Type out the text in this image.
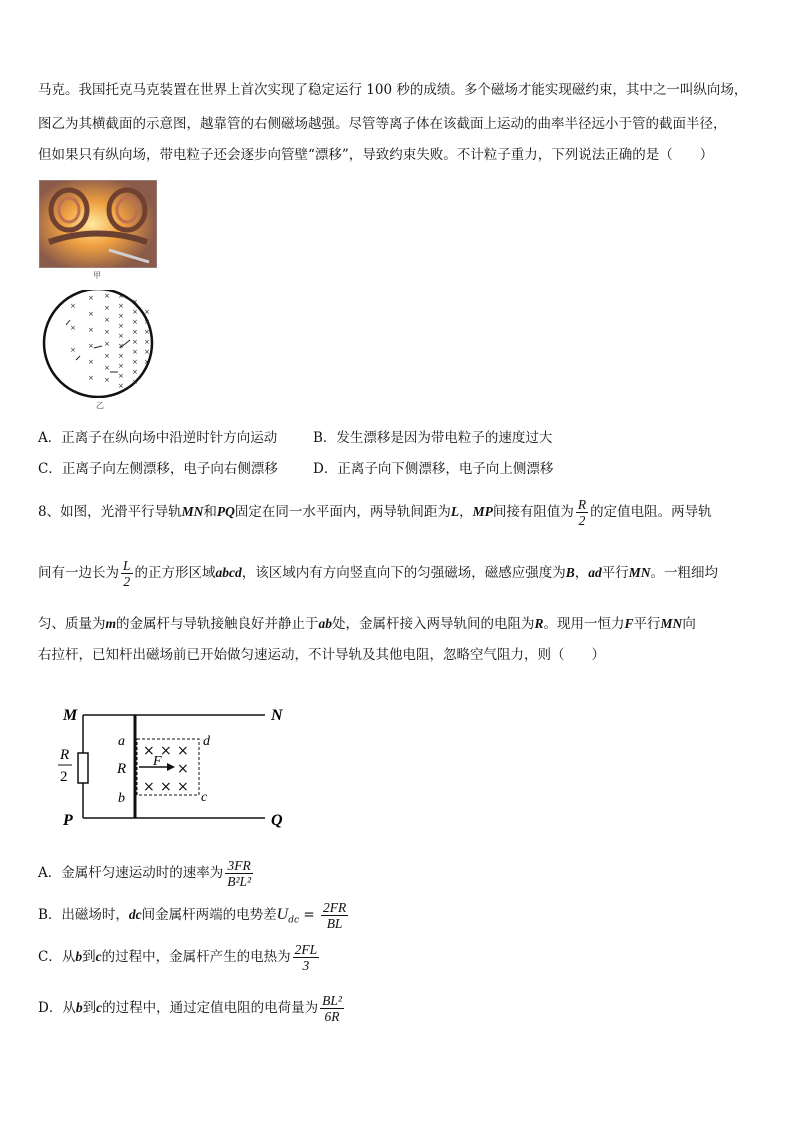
马克。我国托克马克装置在世界上首次实现了稳定运行 100 秒的成绩。多个磁场才能实现磁约束，其中之一叫纵向场，
图乙为其横截面的示意图，越靠管的右侧磁场越强。尽管等离子体在该截面上运动的曲率半径远小于管的截面半径，
但如果只有纵向场，带电粒子还会逐步向管壁“漂移”，导致约束失败。不计粒子重力，下列说法正确的是（　　）
甲
×
×
×
×
×
×
×
×
×
×
×
×
×
×
×
×
×
×
×
×
×
×
×
×
×
×
×
×
×
×
×
×
×
×
×
×
×
×
×
×
×
×
乙
A．正离子在纵向场中沿逆时针方向运动	B．发生漂移是因为带电粒子的速度过大
C．正离子向左侧漂移，电子向右侧漂移	D．正离子向下侧漂移，电子向上侧漂移
8、如图，光滑平行导轨MN和PQ固定在同一水平面内，两导轨间距为L，MP间接有阻值为 $\frac{R}{2}$ 的定值电阻。两导轨
间有一边长为 $\frac{L}{2}$ 的正方形区域abcd，该区域内有方向竖直向下的匀强磁场，磁感应强度为B，ad平行MN。一粗细均
匀、质量为m的金属杆与导轨接触良好并静止于ab处，金属杆接入两导轨间的电阻为R。现用一恒力F平行MN向
右拉杆，已知杆出磁场前已开始做匀速运动，不计导轨及其他电阻，忽略空气阻力，则（　　）
× × ×
×
× × ×
M	N
P	Q
a
R
b
d
c
F
R
2
A．金属杆匀速运动时的速率为 $\frac{3FR}{\text{B²L²}}$
B．出磁场时，dc间金属杆两端的电势差$U_{dc} = \frac{2FR}{BL}$
C．从b到c的过程中，金属杆产生的电热为 $\frac{2FL}{3}$
D．从b到c的过程中，通过定值电阻的电荷量为 $\frac{\text{BL²}}{6R}$
